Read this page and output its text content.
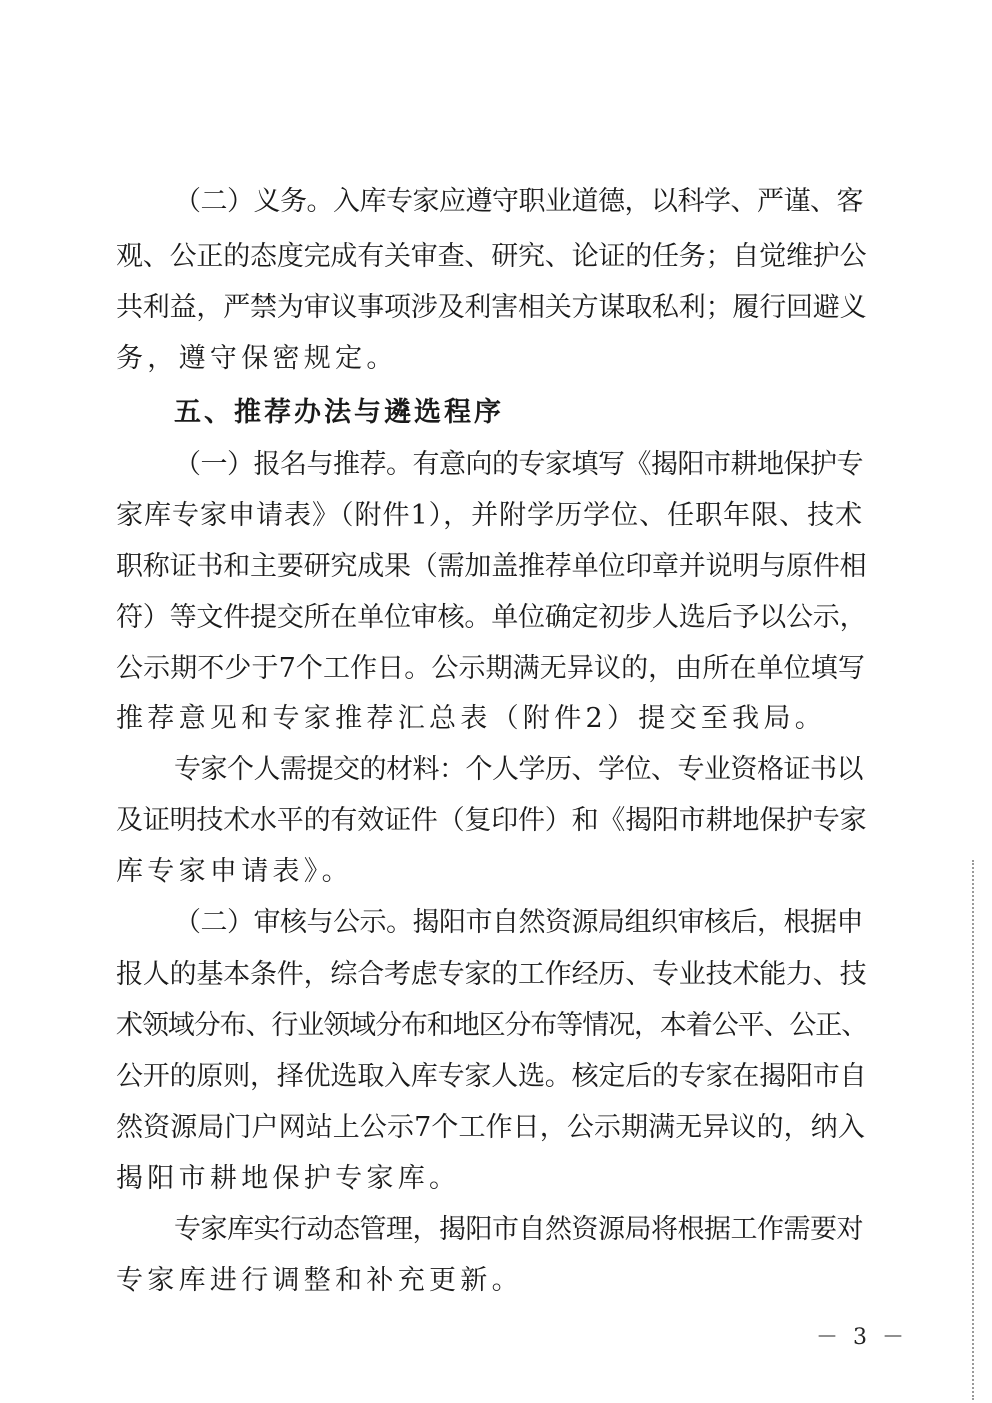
（二）义务。入库专家应遵守职业道德，以科学、严谨、客
观、公正的态度完成有关审查、研究、论证的任务；自觉维护公
共利益，严禁为审议事项涉及利害相关方谋取私利；履行回避义
务，遵守保密规定。
五、推荐办法与遴选程序
（一）报名与推荐。有意向的专家填写《揭阳市耕地保护专
家库专家申请表》（附件1），并附学历学位、任职年限、技术
职称证书和主要研究成果（需加盖推荐单位印章并说明与原件相
符）等文件提交所在单位审核。单位确定初步人选后予以公示，
公示期不少于7个工作日。公示期满无异议的，由所在单位填写
推荐意见和专家推荐汇总表（附件2）提交至我局。
专家个人需提交的材料：个人学历、学位、专业资格证书以
及证明技术水平的有效证件（复印件）和《揭阳市耕地保护专家
库专家申请表》。
（二）审核与公示。揭阳市自然资源局组织审核后，根据申
报人的基本条件，综合考虑专家的工作经历、专业技术能力、技
术领域分布、行业领域分布和地区分布等情况，本着公平、公正、
公开的原则，择优选取入库专家人选。核定后的专家在揭阳市自
然资源局门户网站上公示7个工作日，公示期满无异议的，纳入
揭阳市耕地保护专家库。
专家库实行动态管理，揭阳市自然资源局将根据工作需要对
专家库进行调整和补充更新。
－ 3 －
